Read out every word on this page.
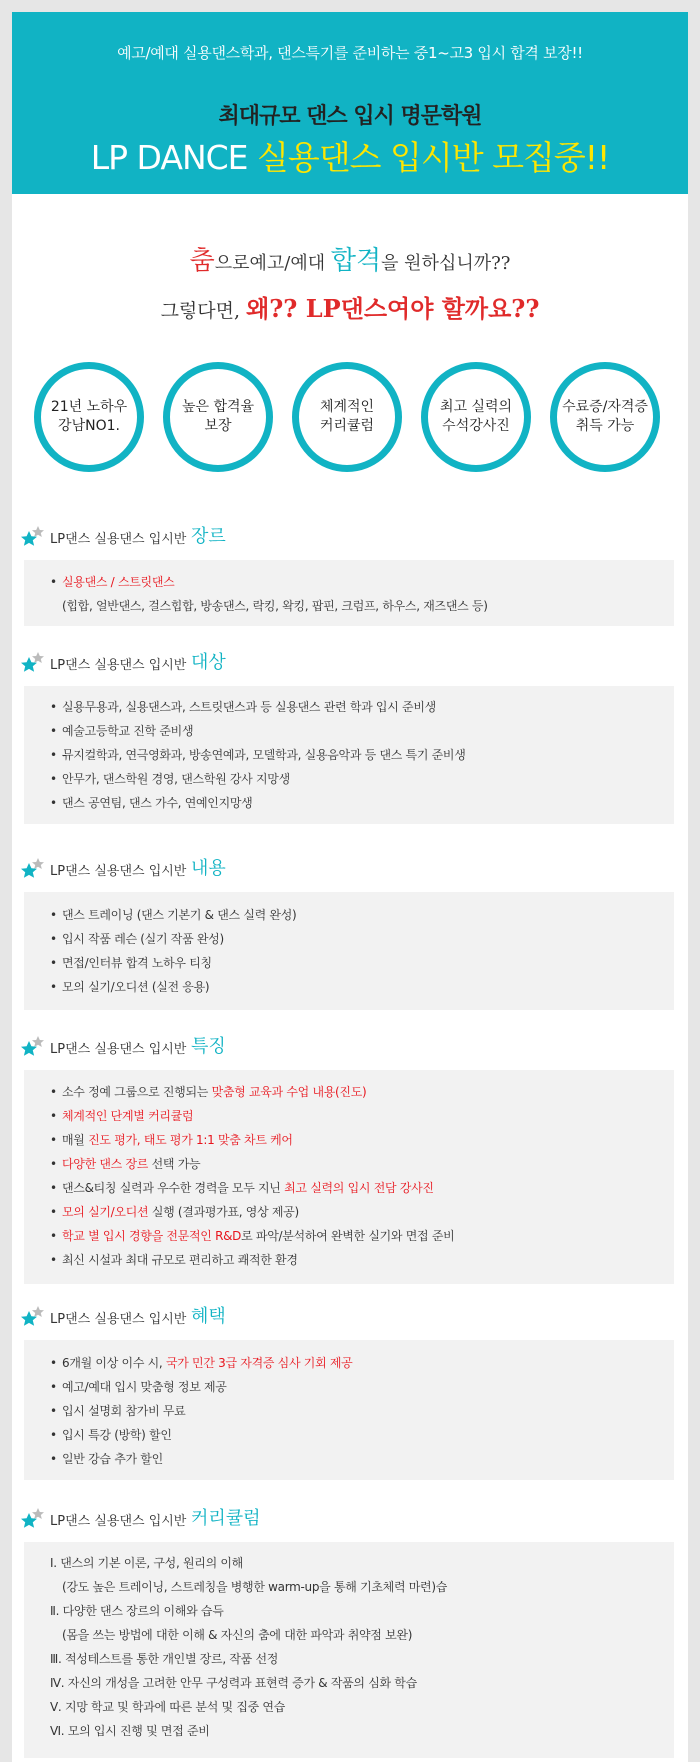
예고/예대 실용댄스학과, 댄스특기를 준비하는 중1~고3 입시 합격 보장!!
최대규모 댄스 입시 명문학원
LP DANCE 실용댄스 입시반 모집중!!
춤으로예고/예대 합격을 원하십니까??
그렇다면, 왜?? LP댄스여야 할까요??
21년 노하우
강남NO1.
높은 합격율
보장
체계적인
커리큘럼
최고 실력의
수석강사진
수료증/자격증
취득 가능
LP댄스 실용댄스 입시반 장르
• 실용댄스 / 스트릿댄스
(힙합, 얼반댄스, 걸스힙합, 방송댄스, 락킹, 왁킹, 팝핀, 크럼프, 하우스, 재즈댄스 등)
LP댄스 실용댄스 입시반 대상
• 실용무용과, 실용댄스과, 스트릿댄스과 등 실용댄스 관련 학과 입시 준비생
• 예술고등학교 진학 준비생
• 뮤지컬학과, 연극영화과, 방송연예과, 모델학과, 실용음악과 등 댄스 특기 준비생
• 안무가, 댄스학원 경영, 댄스학원 강사 지망생
• 댄스 공연팀, 댄스 가수, 연예인지망생
LP댄스 실용댄스 입시반 내용
• 댄스 트레이닝 (댄스 기본기 & 댄스 실력 완성)
• 입시 작품 레슨 (실기 작품 완성)
• 면접/인터뷰 합격 노하우 티칭
• 모의 실기/오디션 (실전 응용)
LP댄스 실용댄스 입시반 특징
• 소수 정예 그룹으로 진행되는 맞춤형 교육과 수업 내용(진도)
• 체계적인 단계별 커리큘럼
• 매월 진도 평가, 태도 평가 1:1 맞춤 차트 케어
• 다양한 댄스 장르 선택 가능
• 댄스&티칭 실력과 우수한 경력을 모두 지닌 최고 실력의 입시 전담 강사진
• 모의 실기/오디션 실행 (결과평가표, 영상 제공)
• 학교 별 입시 경향을 전문적인 R&D로 파악/분석하여 완벽한 실기와 면접 준비
• 최신 시설과 최대 규모로 편리하고 쾌적한 환경
LP댄스 실용댄스 입시반 혜택
• 6개월 이상 이수 시, 국가 민간 3급 자격증 심사 기회 제공
• 예고/예대 입시 맞춤형 정보 제공
• 입시 설명회 참가비 무료
• 입시 특강 (방학) 할인
• 일반 강습 추가 할인
LP댄스 실용댄스 입시반 커리큘럼
Ⅰ. 댄스의 기본 이론, 구성, 원리의 이해
(강도 높은 트레이닝, 스트레칭을 병행한 warm-up을 통해 기초체력 마련)습
Ⅱ. 다양한 댄스 장르의 이해와 습득
(몸을 쓰는 방법에 대한 이해 & 자신의 춤에 대한 파악과 취약점 보완)
Ⅲ. 적성테스트를 통한 개인별 장르, 작품 선정
Ⅳ. 자신의 개성을 고려한 안무 구성력과 표현력 증가 & 작품의 심화 학습
Ⅴ. 지망 학교 및 학과에 따른 분석 및 집중 연습
Ⅵ. 모의 입시 진행 및 면접 준비
